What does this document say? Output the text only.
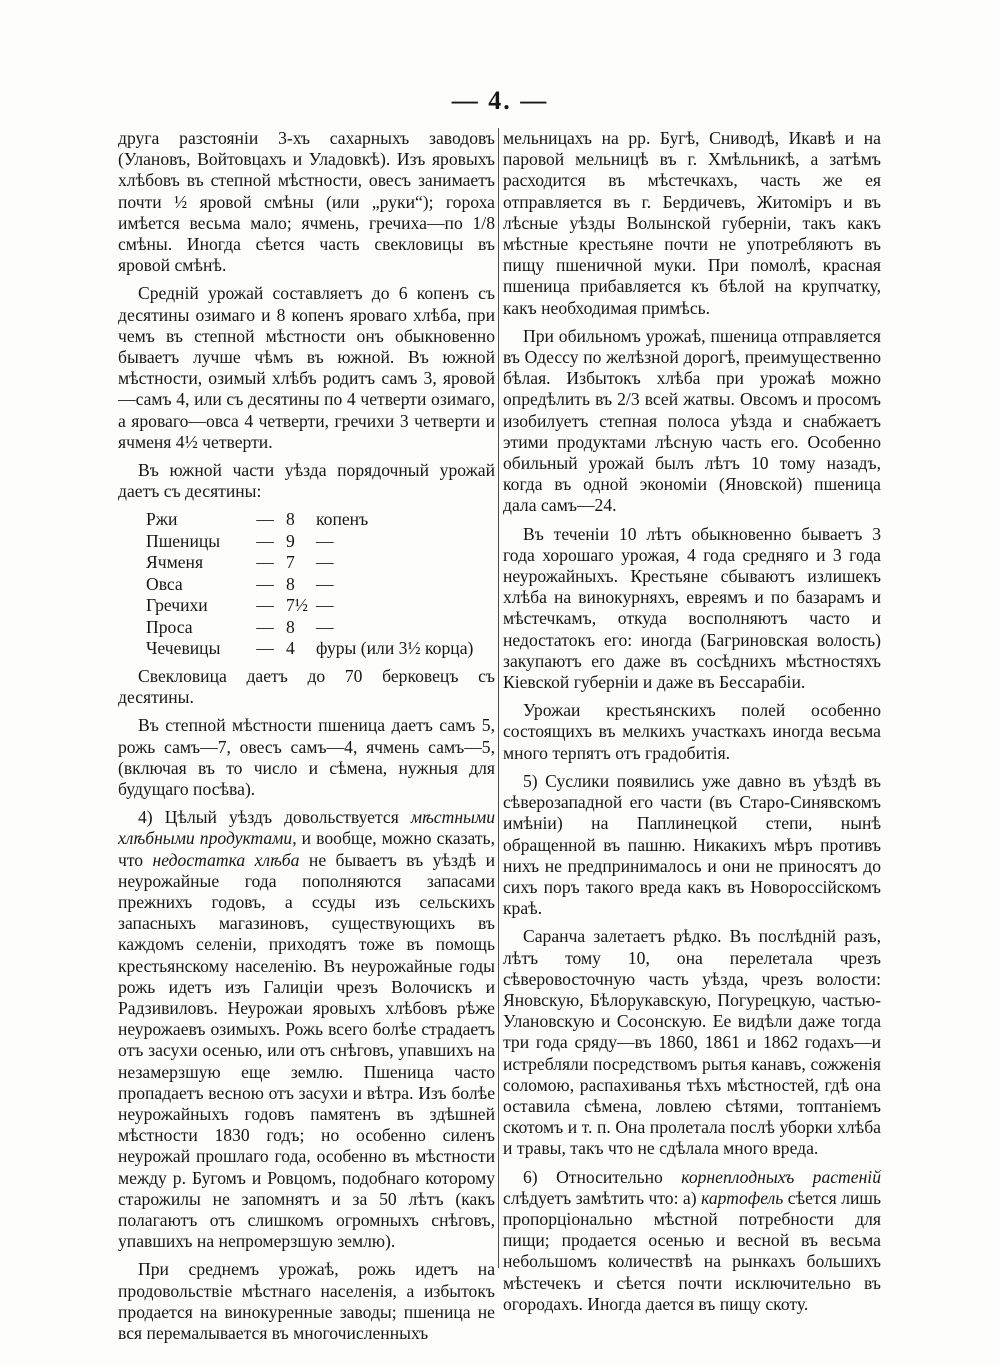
— 4. —

друга разстояніи 3-хъ сахарныхъ заводовъ (Улановъ, Войтовцахъ и Уладовкѣ). Изъ яровыхъ хлѣбовъ въ степной мѣстности, овесъ занимаетъ почти ½ яровой смѣны (или „руки“); гороха имѣется весьма мало; ячмень, гречиха—по 1/8 смѣны. Иногда сѣется часть свекловицы въ яровой смѣнѣ.

Средній урожай составляетъ до 6 копенъ съ десятины озимаго и 8 копенъ яроваго хлѣба, при чемъ въ степной мѣстности онъ обыкновенно бываетъ лучше чѣмъ въ южной. Въ южной мѣстности, озимый хлѣбъ родитъ самъ 3, яровой—самъ 4, или съ десятины по 4 четверти озимаго, а яроваго—овса 4 четверти, гречихи 3 четверти и ячменя 4½ четверти.

Въ южной части уѣзда порядочный урожай даетъ съ десятины:

Ржи	—	8	копенъ
Пшеницы	—	9	—
Ячменя	—	7	—
Овса	—	8	—
Гречихи	—	7½	—
Проса	—	8	—
Чечевицы	—	4	фуры (или 3½ корца)

Свекловица даетъ до 70 берковецъ съ десятины.

Въ степной мѣстности пшеница даетъ самъ 5, рожь самъ—7, овесъ самъ—4, ячмень самъ—5, (включая въ то число и сѣмена, нужныя для будущаго посѣва).

4) Цѣлый уѣздъ довольствуется мѣстными хлѣбными продуктами, и вообще, можно сказать, что недостатка хлѣба не бываетъ въ уѣздѣ и неурожайные года пополняются запасами прежнихъ годовъ, а ссуды изъ сельскихъ запасныхъ магазиновъ, существующихъ въ каждомъ селеніи, приходятъ тоже въ помощь крестьянскому населенію. Въ неурожайные годы рожь идетъ изъ Галиціи чрезъ Волочискъ и Радзивиловъ. Неурожаи яровыхъ хлѣбовъ рѣже неурожаевъ озимыхъ. Рожь всего болѣе страдаетъ отъ засухи осенью, или отъ снѣговъ, упавшихъ на незамерзшую еще землю. Пшеница часто пропадаетъ весною отъ засухи и вѣтра. Изъ болѣе неурожайныхъ годовъ памятенъ въ здѣшней мѣстности 1830 годъ; но особенно силенъ неурожай прошлаго года, особенно въ мѣстности между р. Бугомъ и Ровцомъ, подобнаго которому старожилы не запомнятъ и за 50 лѣтъ (какъ полагаютъ отъ слишкомъ огромныхъ снѣговъ, упавшихъ на непромерзшую землю).

При среднемъ урожаѣ, рожь идетъ на продовольствіе мѣстнаго населенія, а избытокъ продается на винокуренные заводы; пшеница не вся перемалывается въ многочисленныхъ

мельницахъ на рр. Бугѣ, Сниводѣ, Икавѣ и на паровой мельницѣ въ г. Хмѣльникѣ, а затѣмъ расходится въ мѣстечкахъ, часть же ея отправляется въ г. Бердичевъ, Житоміръ и въ лѣсные уѣзды Волынской губерніи, такъ какъ мѣстные крестьяне почти не употребляютъ въ пищу пшеничной муки. При помолѣ, красная пшеница прибавляется къ бѣлой на крупчатку, какъ необходимая примѣсь.

При обильномъ урожаѣ, пшеница отправляется въ Одессу по желѣзной дорогѣ, преимущественно бѣлая. Избытокъ хлѣба при урожаѣ можно опредѣлить въ 2/3 всей жатвы. Овсомъ и просомъ изобилуетъ степная полоса уѣзда и снабжаетъ этими продуктами лѣсную часть его. Особенно обильный урожай былъ лѣтъ 10 тому назадъ, когда въ одной экономіи (Яновской) пшеница дала самъ—24.

Въ теченіи 10 лѣтъ обыкновенно бываетъ 3 года хорошаго урожая, 4 года средняго и 3 года неурожайныхъ. Крестьяне сбываютъ излишекъ хлѣба на винокурняхъ, евреямъ и по базарамъ и мѣстечкамъ, откуда восполняютъ часто и недостатокъ его: иногда (Багриновская волость) закупаютъ его даже въ сосѣднихъ мѣстностяхъ Кіевской губерніи и даже въ Бессарабіи.

Урожаи крестьянскихъ полей особенно состоящихъ въ мелкихъ участкахъ иногда весьма много терпятъ отъ градобитія.

5) Суслики появились уже давно въ уѣздѣ въ сѣверозападной его части (въ Старо-Синявскомъ имѣніи) на Паплинецкой степи, нынѣ обращенной въ пашню. Никакихъ мѣръ противъ нихъ не предпринималось и они не приносятъ до сихъ поръ такого вреда какъ въ Новороссійскомъ краѣ.

Саранча залетаетъ рѣдко. Въ послѣдній разъ, лѣтъ тому 10, она перелетала чрезъ сѣверовосточную часть уѣзда, чрезъ волости: Яновскую, Бѣлорукавскую, Погурецкую, частью-Улановскую и Сосонскую. Ее видѣли даже тогда три года сряду—въ 1860, 1861 и 1862 годахъ—и истребляли посредствомъ рытья канавъ, сожженія соломою, распахиванья тѣхъ мѣстностей, гдѣ она оставила сѣмена, ловлею сѣтями, топтаніемъ скотомъ и т. п. Она пролетала послѣ уборки хлѣба и травы, такъ что не сдѣлала много вреда.

6) Относительно корнеплодныхъ растеній слѣдуетъ замѣтить что: а) картофель сѣется лишь пропорціонально мѣстной потребности для пищи; продается осенью и весной въ весьма небольшомъ количествѣ на рынкахъ большихъ мѣстечекъ и сѣется почти исключительно въ огородахъ. Иногда дается въ пищу скоту.
